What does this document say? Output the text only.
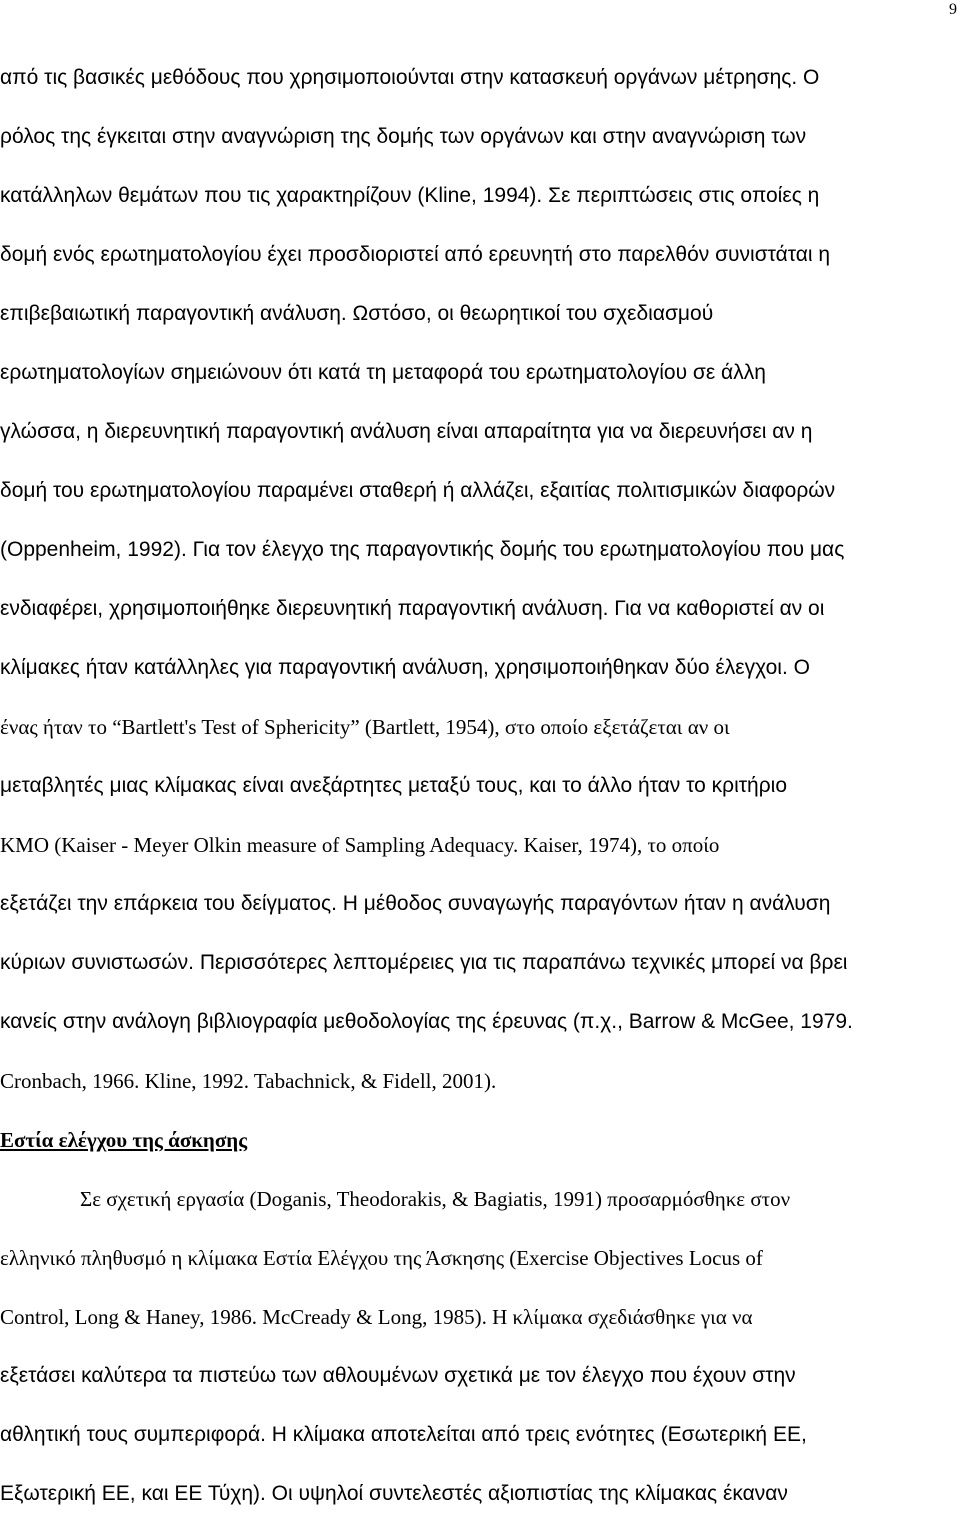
9
από τις βασικές μεθόδους που χρησιμοποιούνται στην κατασκευή οργάνων μέτρησης. Ο
ρόλος της έγκειται στην αναγνώριση της δομής των οργάνων και στην αναγνώριση των
κατάλληλων θεμάτων που τις χαρακτηρίζουν (Kline, 1994). Σε περιπτώσεις στις οποίες η
δομή ενός ερωτηματολογίου έχει προσδιοριστεί από ερευνητή στο παρελθόν συνιστάται η
επιβεβαιωτική παραγοντική ανάλυση. Ωστόσο, οι θεωρητικοί του σχεδιασμού
ερωτηματολογίων σημειώνουν ότι κατά τη μεταφορά του ερωτηματολογίου σε άλλη
γλώσσα, η διερευνητική παραγοντική ανάλυση είναι απαραίτητα για να διερευνήσει αν η
δομή του ερωτηματολογίου παραμένει σταθερή ή αλλάζει, εξαιτίας πολιτισμικών διαφορών
(Oppenheim, 1992). Για τον έλεγχο της παραγοντικής δομής του ερωτηματολογίου που μας
ενδιαφέρει, χρησιμοποιήθηκε διερευνητική παραγοντική ανάλυση. Για να καθοριστεί αν οι
κλίμακες ήταν κατάλληλες για παραγοντική ανάλυση, χρησιμοποιήθηκαν δύο έλεγχοι. Ο
ένας ήταν το “Bartlett's Test of Sphericity” (Bartlett, 1954), στο οποίο εξετάζεται αν οι
μεταβλητές μιας κλίμακας είναι ανεξάρτητες μεταξύ τους, και το άλλο ήταν το κριτήριο
KMO (Kaiser - Meyer Olkin measure of Sampling Adequacy. Kaiser, 1974), το οποίο
εξετάζει την επάρκεια του δείγματος. Η μέθοδος συναγωγής παραγόντων ήταν η ανάλυση
κύριων συνιστωσών. Περισσότερες λεπτομέρειες για τις παραπάνω τεχνικές μπορεί να βρει
κανείς στην ανάλογη βιβλιογραφία μεθοδολογίας της έρευνας (π.χ., Barrow & McGee, 1979.
Cronbach, 1966. Kline, 1992. Tabachnick, & Fidell, 2001).
Εστία ελέγχου της άσκησης
Σε σχετική εργασία (Doganis, Theodorakis, & Bagiatis, 1991) προσαρμόσθηκε στον
ελληνικό πληθυσμό η κλίμακα Εστία Ελέγχου της Άσκησης (Exercise Objectives Locus of
Control, Long & Haney, 1986. McCready & Long, 1985). Η κλίμακα σχεδιάσθηκε για να
εξετάσει καλύτερα τα πιστεύω των αθλουμένων σχετικά με τον έλεγχο που έχουν στην
αθλητική τους συμπεριφορά. Η κλίμακα αποτελείται από τρεις ενότητες (Εσωτερική ΕΕ,
Εξωτερική ΕΕ, και ΕΕ Τύχη). Οι υψηλοί συντελεστές αξιοπιστίας της κλίμακας έκαναν
